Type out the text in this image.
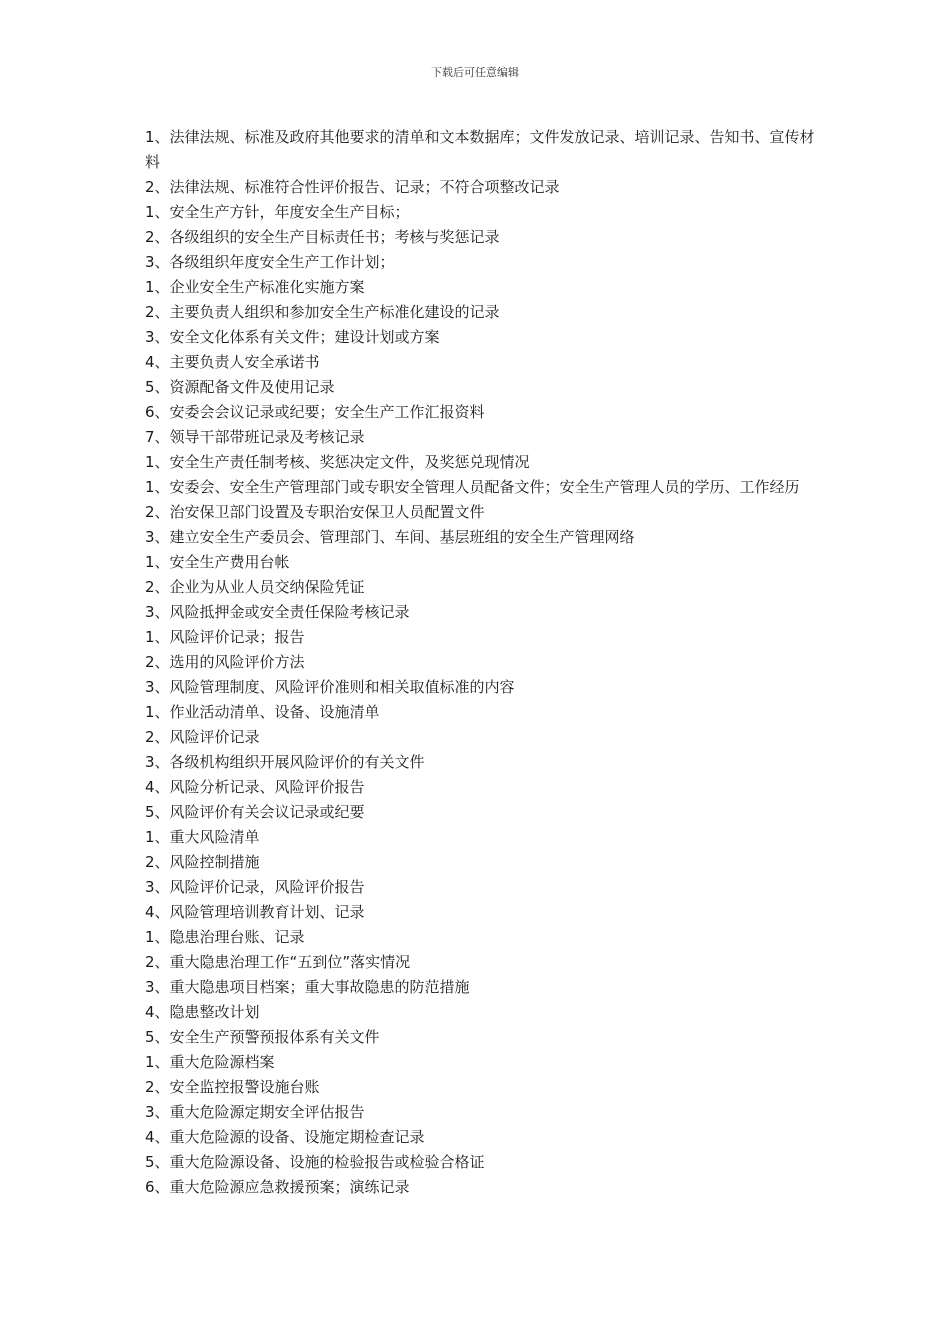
下载后可任意编辑
1、法律法规、标准及政府其他要求的清单和文本数据库；文件发放记录、培训记录、告知书、宣传材料
2、法律法规、标准符合性评价报告、记录；不符合项整改记录
1、安全生产方针，年度安全生产目标；
2、各级组织的安全生产目标责任书；考核与奖惩记录
3、各级组织年度安全生产工作计划；
1、企业安全生产标准化实施方案
2、主要负责人组织和参加安全生产标准化建设的记录
3、安全文化体系有关文件；建设计划或方案
4、主要负责人安全承诺书
5、资源配备文件及使用记录
6、安委会会议记录或纪要；安全生产工作汇报资料
7、领导干部带班记录及考核记录
1、安全生产责任制考核、奖惩决定文件，及奖惩兑现情况
1、安委会、安全生产管理部门或专职安全管理人员配备文件；安全生产管理人员的学历、工作经历
2、治安保卫部门设置及专职治安保卫人员配置文件
3、建立安全生产委员会、管理部门、车间、基层班组的安全生产管理网络
1、安全生产费用台帐
2、企业为从业人员交纳保险凭证
3、风险抵押金或安全责任保险考核记录
1、风险评价记录；报告
2、选用的风险评价方法
3、风险管理制度、风险评价准则和相关取值标准的内容
1、作业活动清单、设备、设施清单
2、风险评价记录
3、各级机构组织开展风险评价的有关文件
4、风险分析记录、风险评价报告
5、风险评价有关会议记录或纪要
1、重大风险清单
2、风险控制措施
3、风险评价记录，风险评价报告
4、风险管理培训教育计划、记录
1、隐患治理台账、记录
2、重大隐患治理工作“五到位”落实情况
3、重大隐患项目档案；重大事故隐患的防范措施
4、隐患整改计划
5、安全生产预警预报体系有关文件
1、重大危险源档案
2、安全监控报警设施台账
3、重大危险源定期安全评估报告
4、重大危险源的设备、设施定期检查记录
5、重大危险源设备、设施的检验报告或检验合格证
6、重大危险源应急救援预案；演练记录
